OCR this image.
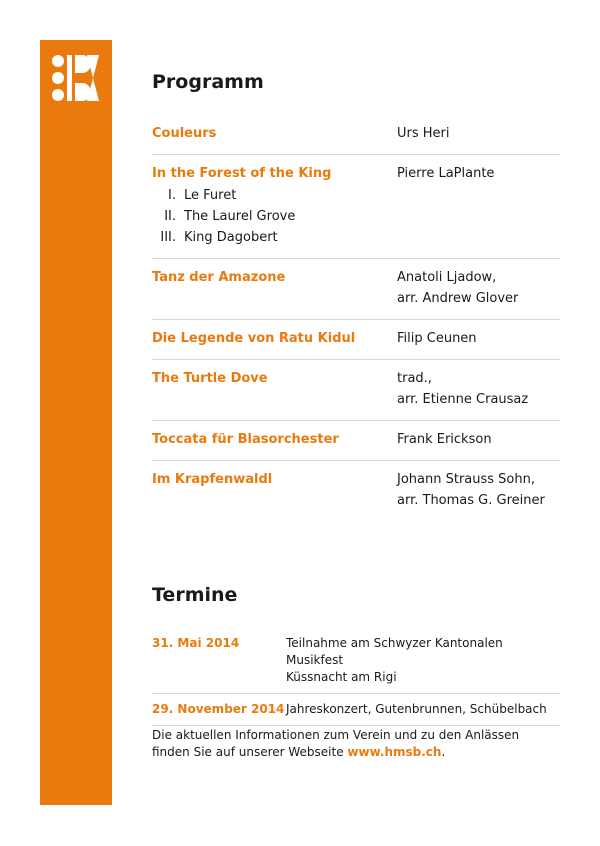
Programm
Couleurs	Urs Heri
In the Forest of the King
I. Le Furet
II. The Laurel Grove
III. King Dagobert
Pierre LaPlante
Tanz der Amazone	Anatoli Ljadow,
arr. Andrew Glover
Die Legende von Ratu Kidul	Filip Ceunen
The Turtle Dove	trad.,
arr. Etienne Crausaz
Toccata für Blasorchester	Frank Erickson
Im Krapfenwaldl	Johann Strauss Sohn,
arr. Thomas G. Greiner
Termine
31. Mai 2014	Teilnahme am Schwyzer Kantonalen Musikfest
Küssnacht am Rigi
29. November 2014 Jahreskonzert, Gutenbrunnen, Schübelbach
Die aktuellen Informationen zum Verein und zu den Anlässen
finden Sie auf unserer Webseite www.hmsb.ch.
